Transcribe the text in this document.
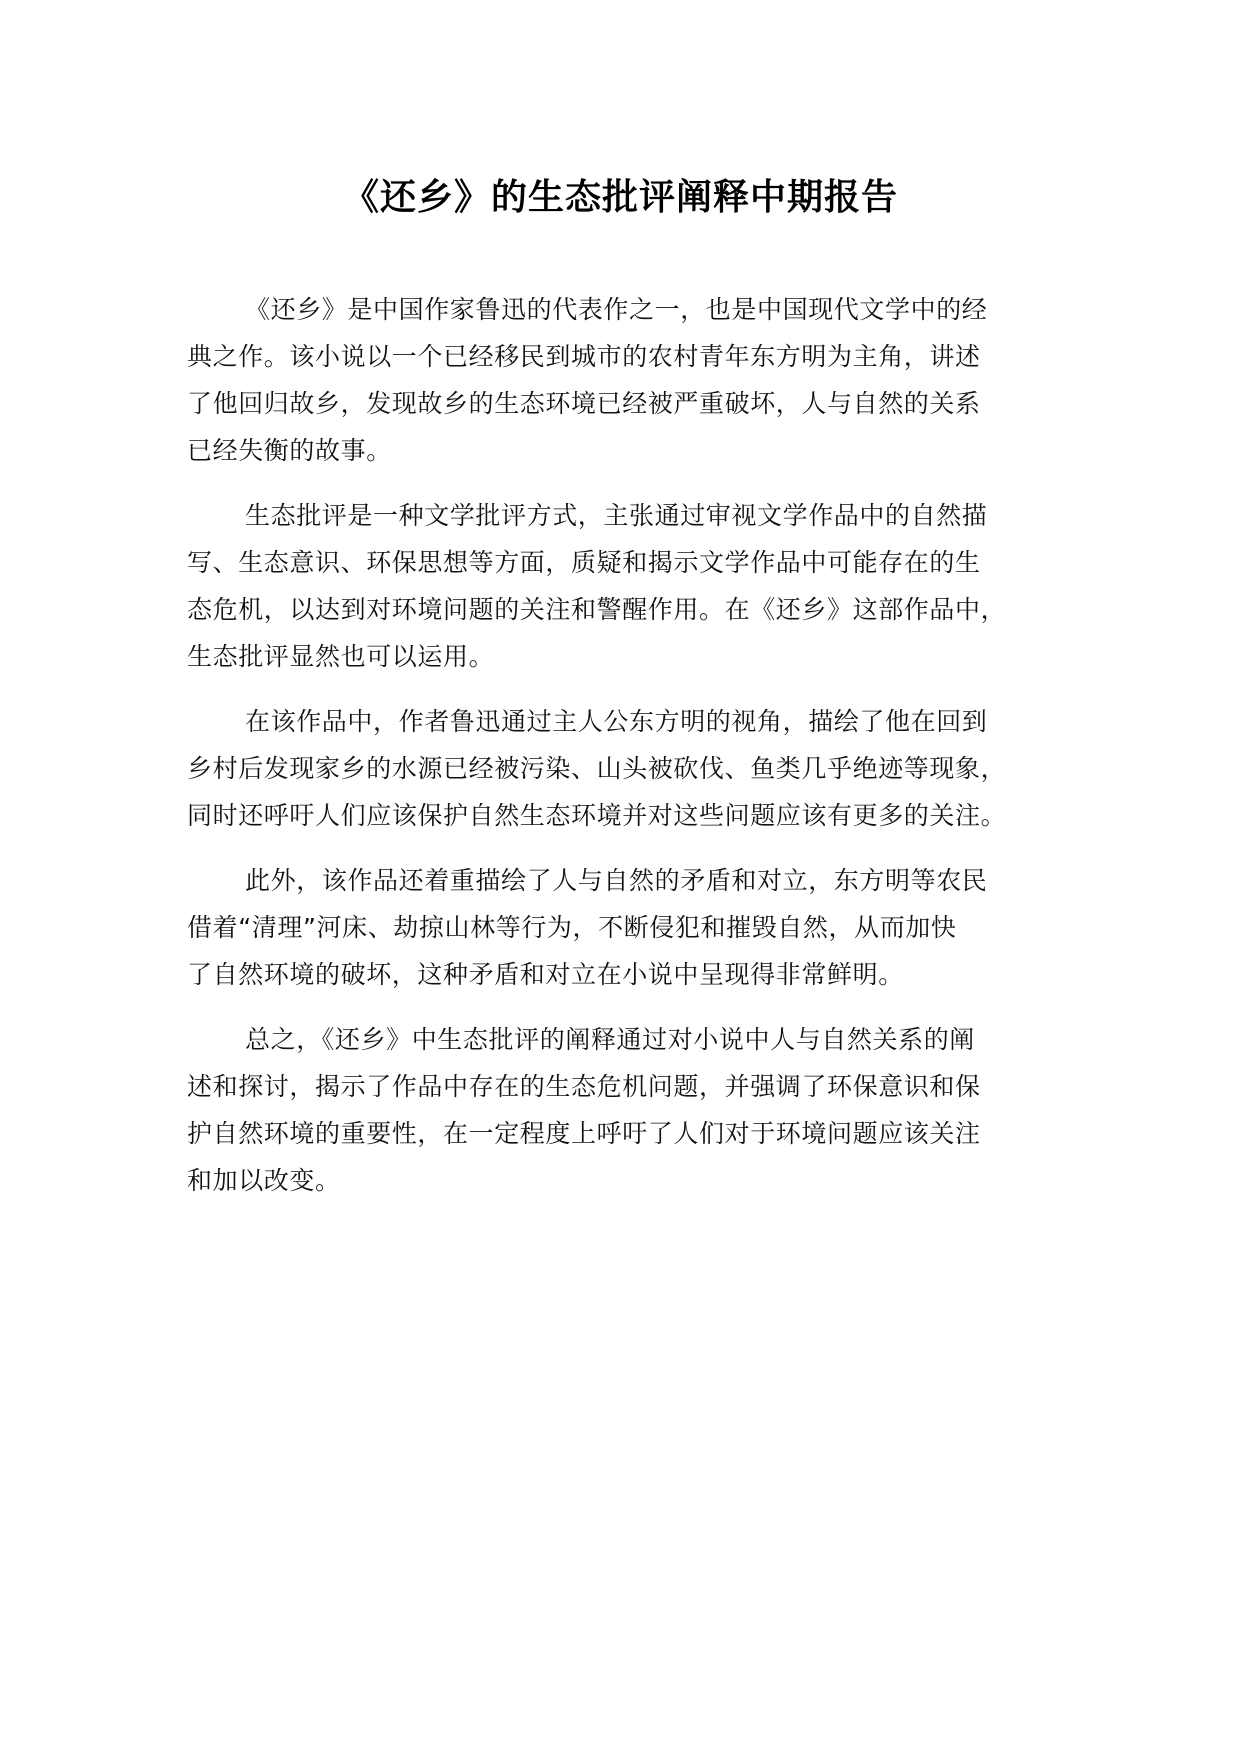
《还乡》的生态批评阐释中期报告

《还乡》是中国作家鲁迅的代表作之一，也是中国现代文学中的经
典之作。该小说以一个已经移民到城市的农村青年东方明为主角，讲述
了他回归故乡，发现故乡的生态环境已经被严重破坏，人与自然的关系
已经失衡的故事。

生态批评是一种文学批评方式，主张通过审视文学作品中的自然描
写、生态意识、环保思想等方面，质疑和揭示文学作品中可能存在的生
态危机，以达到对环境问题的关注和警醒作用。在《还乡》这部作品中，
生态批评显然也可以运用。

在该作品中，作者鲁迅通过主人公东方明的视角，描绘了他在回到
乡村后发现家乡的水源已经被污染、山头被砍伐、鱼类几乎绝迹等现象，
同时还呼吁人们应该保护自然生态环境并对这些问题应该有更多的关注。

此外，该作品还着重描绘了人与自然的矛盾和对立，东方明等农民
借着“清理”河床、劫掠山林等行为，不断侵犯和摧毁自然，从而加快
了自然环境的破坏，这种矛盾和对立在小说中呈现得非常鲜明。

总之，《还乡》中生态批评的阐释通过对小说中人与自然关系的阐
述和探讨，揭示了作品中存在的生态危机问题，并强调了环保意识和保
护自然环境的重要性，在一定程度上呼吁了人们对于环境问题应该关注
和加以改变。
